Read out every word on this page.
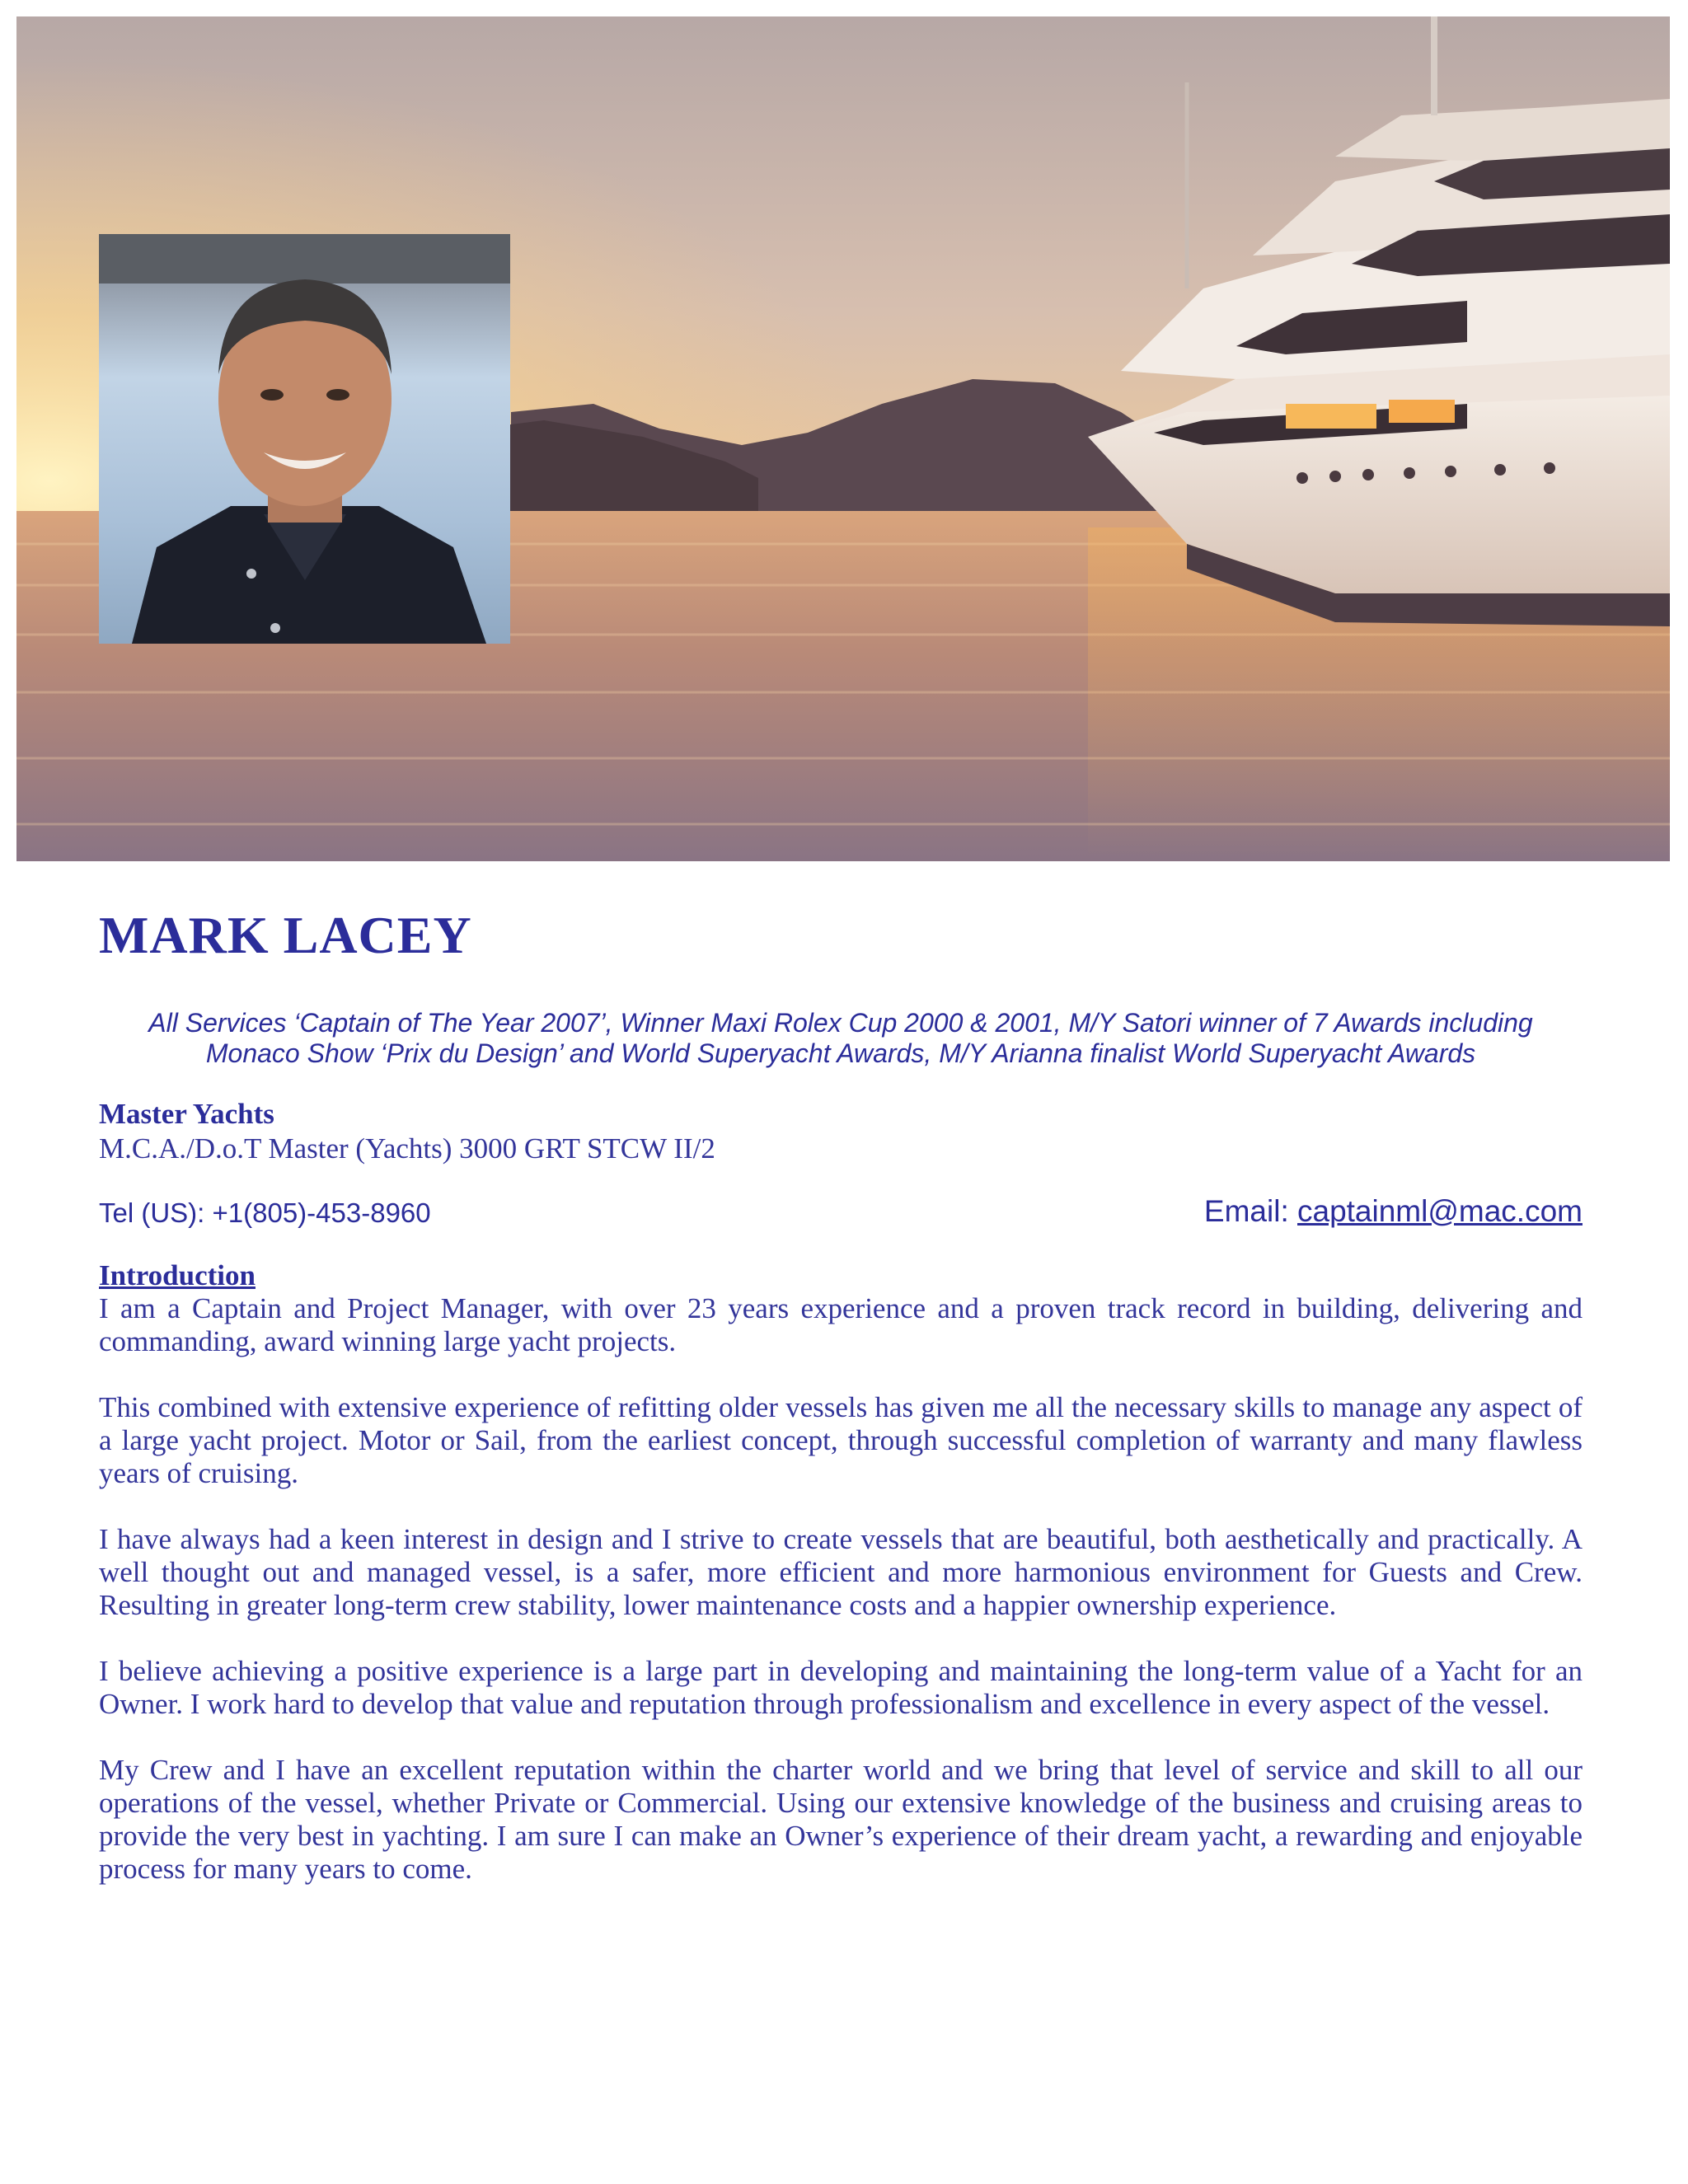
MARK LACEY
All Services ‘Captain of The Year 2007’, Winner Maxi Rolex Cup 2000 & 2001, M/Y Satori winner of 7 Awards including
Monaco Show ‘Prix du Design’ and World Superyacht Awards, M/Y Arianna finalist World Superyacht Awards
Master Yachts
M.C.A./D.o.T Master (Yachts) 3000 GRT STCW II/2
Tel (US): +1(805)-453-8960	Email: captainml@mac.com
Introduction

I am a Captain and Project Manager, with over 23 years experience and a proven track record in building, delivering and commanding, award winning large yacht projects.

This combined with extensive experience of refitting older vessels has given me all the necessary skills to manage any aspect of a large yacht project. Motor or Sail, from the earliest concept, through successful completion of warranty and many flawless years of cruising.

I have always had a keen interest in design and I strive to create vessels that are beautiful, both aesthetically and practically. A well thought out and managed vessel, is a safer, more efficient and more harmonious environment for Guests and Crew. Resulting in greater long-term crew stability, lower maintenance costs and a happier ownership experience.

I believe achieving a positive experience is a large part in developing and maintaining the long-term value of a Yacht for an Owner. I work hard to develop that value and reputation through professionalism and excellence in every aspect of the vessel.

My Crew and I have an excellent reputation within the charter world and we bring that level of service and skill to all our operations of the vessel, whether Private or Commercial. Using our extensive knowledge of the business and cruising areas to provide the very best in yachting. I am sure I can make an Owner’s experience of their dream yacht, a rewarding and enjoyable process for many years to come.
